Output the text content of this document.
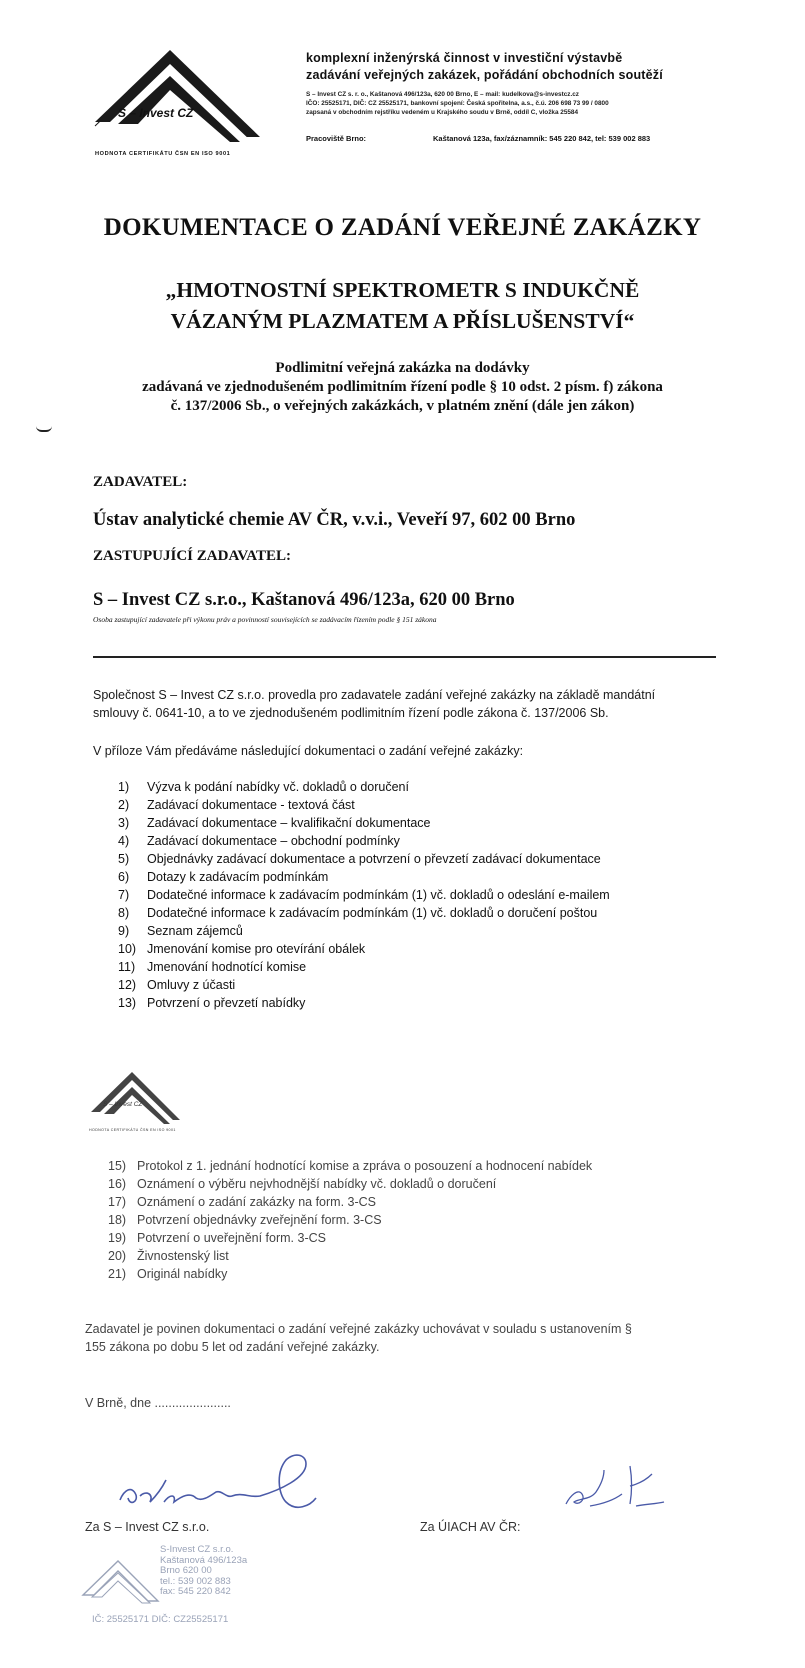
S – Invest CZ
HODNOTA CERTIFIKÁTU ČSN EN ISO 9001
komplexní inženýrská činnost v investiční výstavbě
zadávání veřejných zakázek, pořádání obchodních soutěží
S – Invest CZ s. r. o., Kaštanová 496/123a, 620 00 Brno, E – mail: kudelkova@s-investcz.cz
IČO: 25525171, DIČ: CZ 25525171, bankovní spojení: Česká spořitelna, a.s., č.ú. 206 698 73 99 / 0800
zapsaná v obchodním rejstříku vedeném u Krajského soudu v Brně, oddíl C, vložka 25584
Pracoviště Brno:	Kaštanová 123a, fax/záznamník: 545 220 842, tel: 539 002 883
DOKUMENTACE O ZADÁNÍ VEŘEJNÉ ZAKÁZKY
„HMOTNOSTNÍ SPEKTROMETR S INDUKČNĚ
VÁZANÝM PLAZMATEM A PŘÍSLUŠENSTVÍ“
Podlimitní veřejná zakázka na dodávky
zadávaná ve zjednodušeném podlimitním řízení podle § 10 odst. 2 písm. f) zákona
č. 137/2006 Sb., o veřejných zakázkách, v platném znění (dále jen zákon)
ZADAVATEL:
Ústav analytické chemie AV ČR, v.v.i., Veveří 97, 602 00 Brno
ZASTUPUJÍCÍ ZADAVATEL:
S – Invest CZ s.r.o., Kaštanová 496/123a, 620 00 Brno
Osoba zastupující zadavatele při výkonu práv a povinností souvisejících se zadávacím řízením podle § 151 zákona
Společnost S – Invest CZ s.r.o. provedla pro zadavatele zadání veřejné zakázky na základě mandátní
smlouvy č. 0641-10, a to ve zjednodušeném podlimitním řízení podle zákona č. 137/2006 Sb.
V příloze Vám předáváme následující dokumentaci o zadání veřejné zakázky:
1) Výzva k podání nabídky vč. dokladů o doručení
2) Zadávací dokumentace - textová část
3) Zadávací dokumentace – kvalifikační dokumentace
4) Zadávací dokumentace – obchodní podmínky
5) Objednávky zadávací dokumentace a potvrzení o převzetí zadávací dokumentace
6) Dotazy k zadávacím podmínkám
7) Dodatečné informace k zadávacím podmínkám (1) vč. dokladů o odeslání e-mailem
8) Dodatečné informace k zadávacím podmínkám (1) vč. dokladů o doručení poštou
9) Seznam zájemců
10) Jmenování komise pro otevírání obálek
11) Jmenování hodnotící komise
12) Omluvy z účasti
13) Potvrzení o převzetí nabídky
S – Invest CZ
HODNOTA CERTIFIKÁTU ČSN EN ISO 9001
15) Protokol z 1. jednání hodnotící komise a zpráva o posouzení a hodnocení nabídek
16) Oznámení o výběru nejvhodnější nabídky vč. dokladů o doručení
17) Oznámení o zadání zakázky na form. 3-CS
18) Potvrzení objednávky zveřejnění form. 3-CS
19) Potvrzení o uveřejnění form. 3-CS
20) Živnostenský list
21) Originál nabídky
Zadavatel je povinen dokumentaci o zadání veřejné zakázky uchovávat v souladu s ustanovením §
155 zákona po dobu 5 let od zadání veřejné zakázky.
V Brně, dne ......................
Za S – Invest CZ s.r.o.	Za ÚIACH AV ČR:
S-Invest CZ s.r.o.
Kaštanová 496/123a
Brno 620 00
tel.: 539 002 883
fax: 545 220 842
IČ: 25525171 DIČ: CZ25525171
